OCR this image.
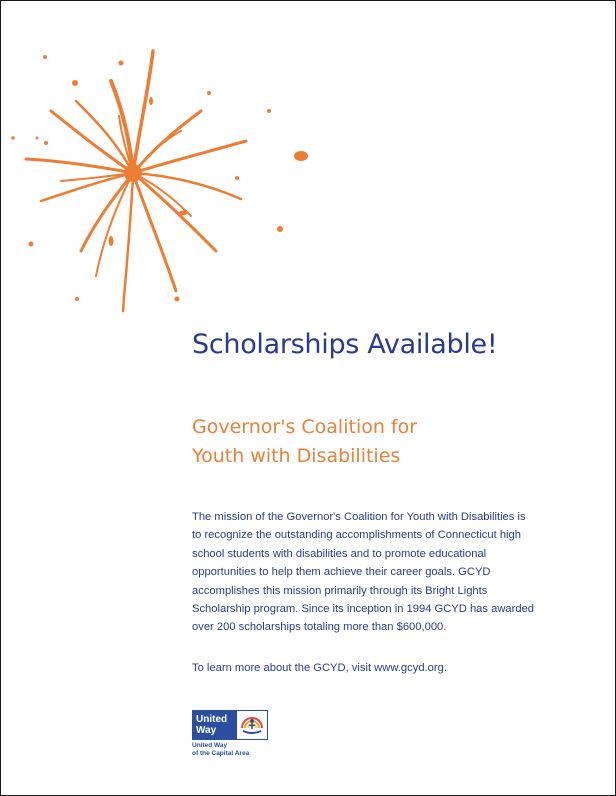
Scholarships Available!
Governor's Coalition for
Youth with Disabilities

The mission of the Governor's Coalition for Youth with Disabilities is
to recognize the outstanding accomplishments of Connecticut high
school students with disabilities and to promote educational
opportunities to help them achieve their career goals. GCYD
accomplishes this mission primarily through its Bright Lights
Scholarship program. Since its inception in 1994 GCYD has awarded
over 200 scholarships totaling more than $600,000.

To learn more about the GCYD, visit www.gcyd.org.

United
Way
United Way
of the Capital Area
